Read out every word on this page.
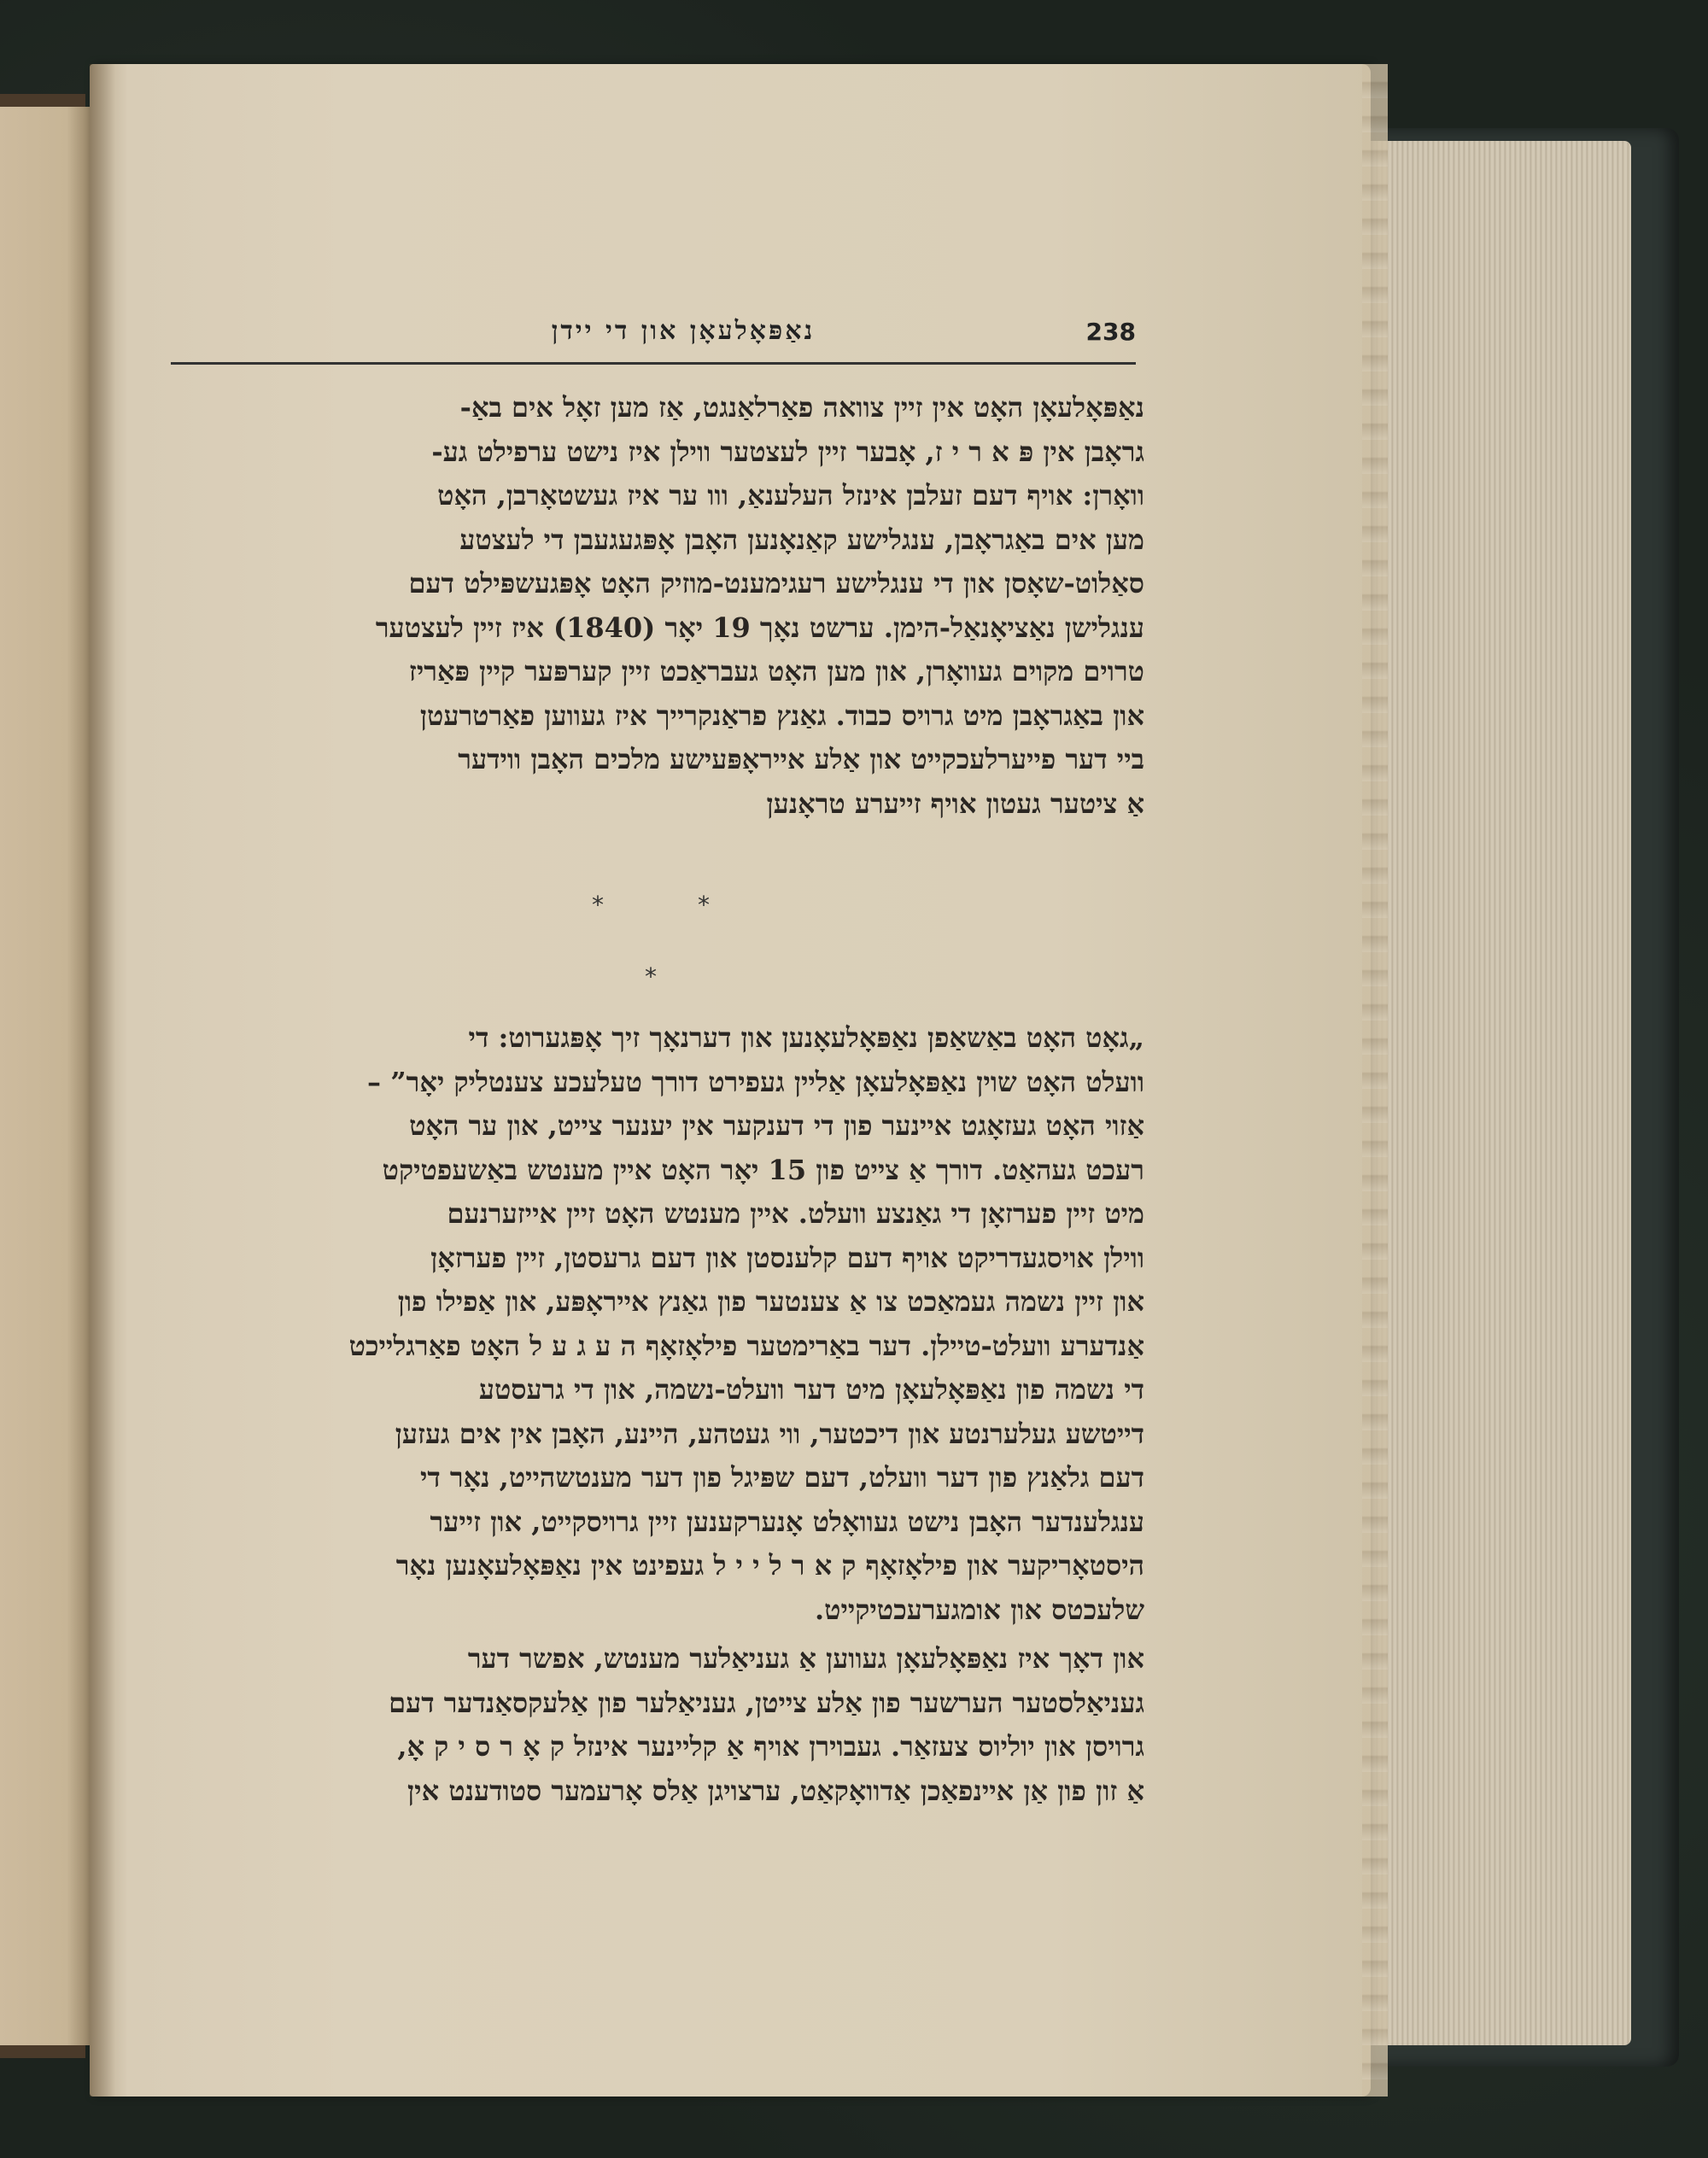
238
נאַפּאָלעאָן און די יידן
נאַפּאָלעאָן האָט אין זיין צוואה פאַרלאַנגט, אַז מען זאָל אים באַ-
גראָבן אין פּ א ר י ז, אָבער זיין לעצטער ווילן איז נישט ערפילט גע-
וואָרן: אויף דעם זעלבן אינזל העלענאַ, ווו ער איז געשטאָרבן, האָט
מען אים באַגראָבן, ענגלישע קאַנאָנען האָבן אָפּגעגעבן די לעצטע
סאַלוט-שאָסן און די ענגלישע רעגימענט-מוזיק האָט אָפּגעשפּילט דעם
ענגלישן נאַציאָנאַל-הימן. ערשט נאָך 19 יאָר (1840) איז זיין לעצטער
טרוים מקוים געוואָרן, און מען האָט געבראַכט זיין קערפּער קיין פּאַריז
און באַגראָבן מיט גרויס כבוד. גאַנץ פראַנקרייך איז געווען פאַרטרעטן
ביי דער פייערלעכקייט און אַלע אייראָפּעישע מלכים האָבן ווידער
אַ ציטער געטון אויף זייערע טראָנען
*	*
*
„גאָט האָט באַשאַפן נאַפּאָלעאָנען און דערנאָך זיך אָפּגערוט: די
וועלט האָט שוין נאַפּאָלעאָן אַליין געפירט דורך טעלעכע צענטליק יאָר” –
אַזוי האָט געזאָגט איינער פון די דענקער אין יענער צייט, און ער האָט
רעכט געהאַט. דורך אַ צייט פון 15 יאָר האָט איין מענטש באַשעפטיקט
מיט זיין פערזאָן די גאַנצע וועלט. איין מענטש האָט זיין אייזערנעם
ווילן אויסגעדריקט אויף דעם קלענסטן און דעם גרעסטן, זיין פערזאָן
און זיין נשמה געמאַכט צו אַ צענטער פון גאַנץ אייראָפּע, און אַפילו פון
אַנדערע וועלט-טיילן. דער באַרימטער פילאָזאָף ה ע ג ע ל האָט פאַרגלייכט
די נשמה פון נאַפּאָלעאָן מיט דער וועלט-נשמה, און די גרעסטע
דייטשע געלערנטע און דיכטער, ווי געטהע, היינע, האָבן אין אים געזען
דעם גלאַנץ פון דער וועלט, דעם שפּיגל פון דער מענטשהייט, נאָר די
ענגלענדער האָבן נישט געוואָלט אָנערקענען זיין גרויסקייט, און זייער
היסטאָריקער און פילאָזאָף ק א ר ל י י ל געפינט אין נאַפּאָלעאָנען נאָר
שלעכטס און אומגערעכטיקייט.
און דאָך איז נאַפּאָלעאָן געווען אַ געניאַלער מענטש, אפשר דער
געניאַלסטער הערשער פון אַלע צייטן, געניאַלער פון אַלעקסאַנדער דעם
גרויסן און יוליוס צעזאַר. געבוירן אויף אַ קליינער אינזל ק אָ ר ס י ק אָ,
אַ זון פון אַן איינפאַכן אַדוואָקאַט, ערצויגן אַלס אָרעמער סטודענט אין
